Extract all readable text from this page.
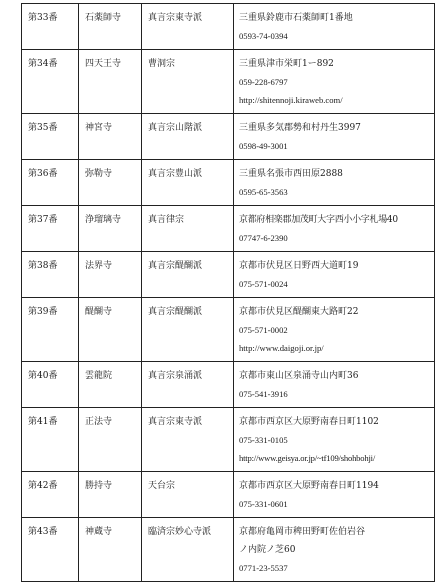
第33番	石薬師寺	真言宗東寺派	三重県鈴鹿市石薬師町1番地
0593-74-0394

第34番	四天王寺	曹洞宗	三重県津市栄町1ー892
059-228-6797
http://shitennoji.kiraweb.com/

第35番	神宮寺	真言宗山階派	三重県多気郡勢和村丹生3997
0598-49-3001

第36番	弥勒寺	真言宗豊山派	三重県名張市西田原2888
0595-65-3563

第37番	浄瑠璃寺	真言律宗	京都府相楽郡加茂町大字西小小字札場40
07747-6-2390

第38番	法界寺	真言宗醍醐派	京都市伏見区日野西大道町19
075-571-0024

第39番	醍醐寺	真言宗醍醐派	京都市伏見区醍醐東大路町22
075-571-0002
http://www.daigoji.or.jp/

第40番	雲龍院	真言宗泉涌派	京都市東山区泉涌寺山内町36
075-541-3916

第41番	正法寺	真言宗東寺派	京都市西京区大原野南春日町1102
075-331-0105
http://www.geisya.or.jp/~tf109/shohbohji/

第42番	勝持寺	天台宗	京都市西京区大原野南春日町1194
075-331-0601

第43番	神蔵寺	臨済宗妙心寺派	京都府亀岡市稗田野町佐伯岩谷
ノ内院ノ芝60
0771-23-5537
